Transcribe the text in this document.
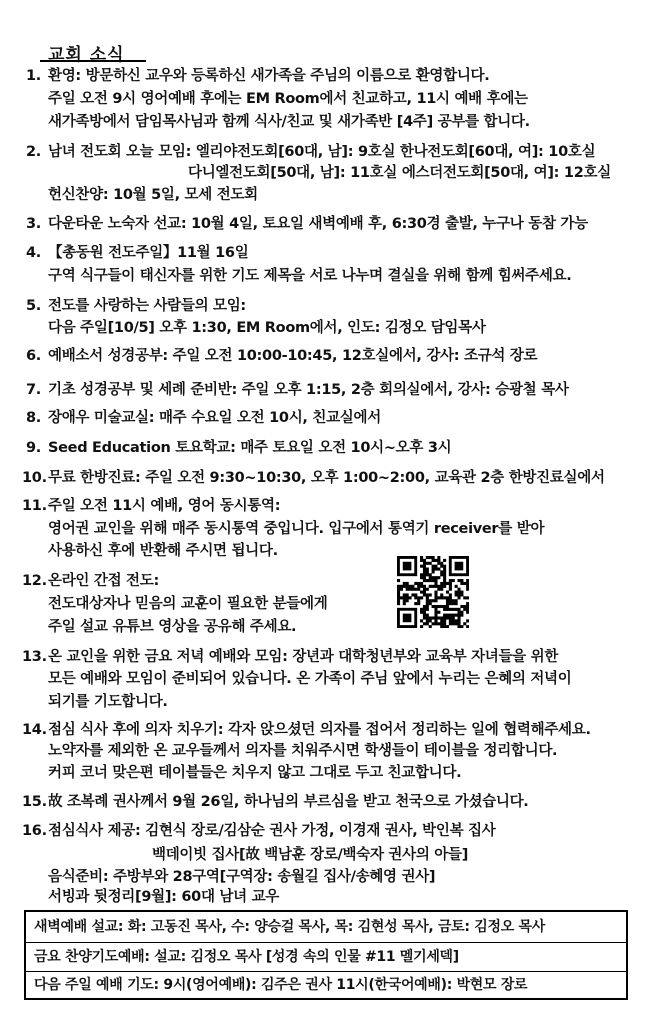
교회 소식
1. 환영: 방문하신 교우와 등록하신 새가족을 주님의 이름으로 환영합니다.
주일 오전 9시 영어예배 후에는 EM Room에서 친교하고, 11시 예배 후에는
새가족방에서 담임목사님과 함께 식사/친교 및 새가족반 [4주] 공부를 합니다.
2. 남녀 전도회 오늘 모임: 엘리야전도회[60대, 남]: 9호실 한나전도회[60대, 여]: 10호실
다니엘전도회[50대, 남]: 11호실 에스더전도회[50대, 여]: 12호실
헌신찬양: 10월 5일, 모세 전도회
3. 다운타운 노숙자 선교: 10월 4일, 토요일 새벽예배 후, 6:30경 출발, 누구나 동참 가능
4. 【총동원 전도주일】11월 16일
구역 식구들이 태신자를 위한 기도 제목을 서로 나누며 결실을 위해 함께 힘써주세요.
5. 전도를 사랑하는 사람들의 모임:
다음 주일[10/5] 오후 1:30, EM Room에서, 인도: 김정오 담임목사
6. 예배소서 성경공부: 주일 오전 10:00-10:45, 12호실에서, 강사: 조규석 장로
7. 기초 성경공부 및 세례 준비반: 주일 오후 1:15, 2층 회의실에서, 강사: 승광철 목사
8. 장애우 미술교실: 매주 수요일 오전 10시, 친교실에서
9. Seed Education 토요학교: 매주 토요일 오전 10시~오후 3시
10. 무료 한방진료: 주일 오전 9:30~10:30, 오후 1:00~2:00, 교육관 2층 한방진료실에서
11. 주일 오전 11시 예배, 영어 동시통역:
영어권 교인을 위해 매주 동시통역 중입니다. 입구에서 통역기 receiver를 받아
사용하신 후에 반환해 주시면 됩니다.
12. 온라인 간접 전도:
전도대상자나 믿음의 교훈이 필요한 분들에게
주일 설교 유튜브 영상을 공유해 주세요.
13. 온 교인을 위한 금요 저녁 예배와 모임: 장년과 대학청년부와 교육부 자녀들을 위한
모든 예배와 모임이 준비되어 있습니다. 온 가족이 주님 앞에서 누리는 은혜의 저녁이
되기를 기도합니다.
14. 점심 식사 후에 의자 치우기: 각자 앉으셨던 의자를 접어서 정리하는 일에 협력해주세요.
노약자를 제외한 온 교우들께서 의자를 치워주시면 학생들이 테이블을 정리합니다.
커피 코너 맞은편 테이블들은 치우지 않고 그대로 두고 친교합니다.
15. 故 조복례 권사께서 9월 26일, 하나님의 부르심을 받고 천국으로 가셨습니다.
16. 점심식사 제공: 김현식 장로/김삼순 권사 가정, 이경재 권사, 박인복 집사
백데이빗 집사[故 백남훈 장로/백숙자 권사의 아들]
음식준비: 주방부와 28구역[구역장: 송월길 집사/송혜영 권사]
서빙과 뒷정리[9월]: 60대 남녀 교우
새벽예배 설교: 화: 고동진 목사, 수: 양승걸 목사, 목: 김현성 목사, 금토: 김정오 목사
금요 찬양기도예배: 설교: 김정오 목사 [성경 속의 인물 #11 멜기세덱]
다음 주일 예배 기도: 9시(영어예배): 김주은 권사 11시(한국어예배): 박현모 장로
